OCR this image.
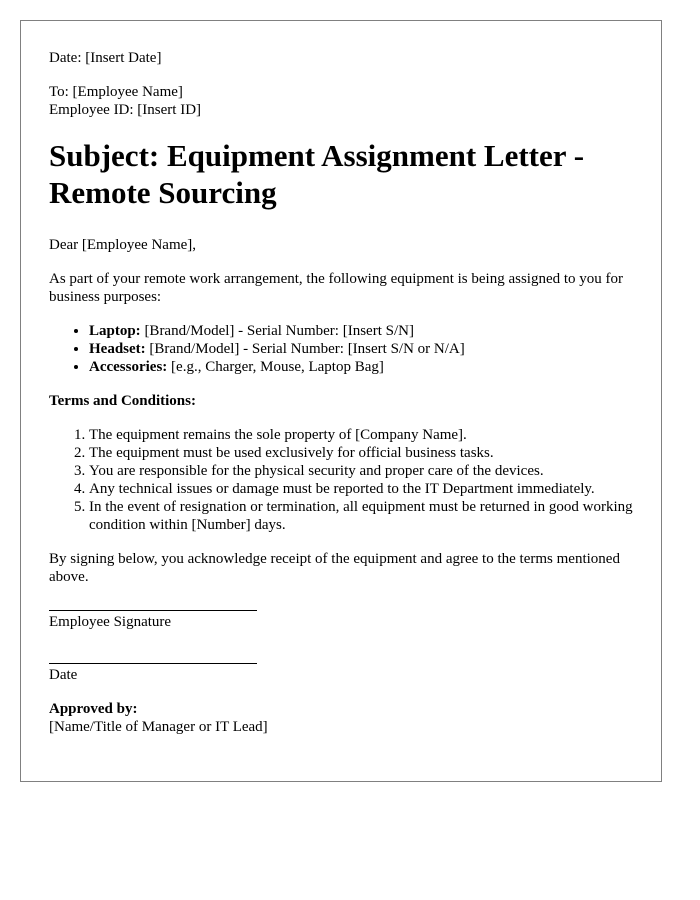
Date: [Insert Date]

To: [Employee Name]

Employee ID: [Insert ID]

Subject: Equipment Assignment Letter - Remote Sourcing

Dear [Employee Name],

As part of your remote work arrangement, the following equipment is being assigned to you for business purposes:

• Laptop: [Brand/Model] - Serial Number: [Insert S/N]
• Headset: [Brand/Model] - Serial Number: [Insert S/N or N/A]
• Accessories: [e.g., Charger, Mouse, Laptop Bag]

Terms and Conditions:

1. The equipment remains the sole property of [Company Name].
2. The equipment must be used exclusively for official business tasks.
3. You are responsible for the physical security and proper care of the devices.
4. Any technical issues or damage must be reported to the IT Department immediately.
5. In the event of resignation or termination, all equipment must be returned in good working condition within [Number] days.

By signing below, you acknowledge receipt of the equipment and agree to the terms mentioned above.

Employee Signature

Date

Approved by:

[Name/Title of Manager or IT Lead]
